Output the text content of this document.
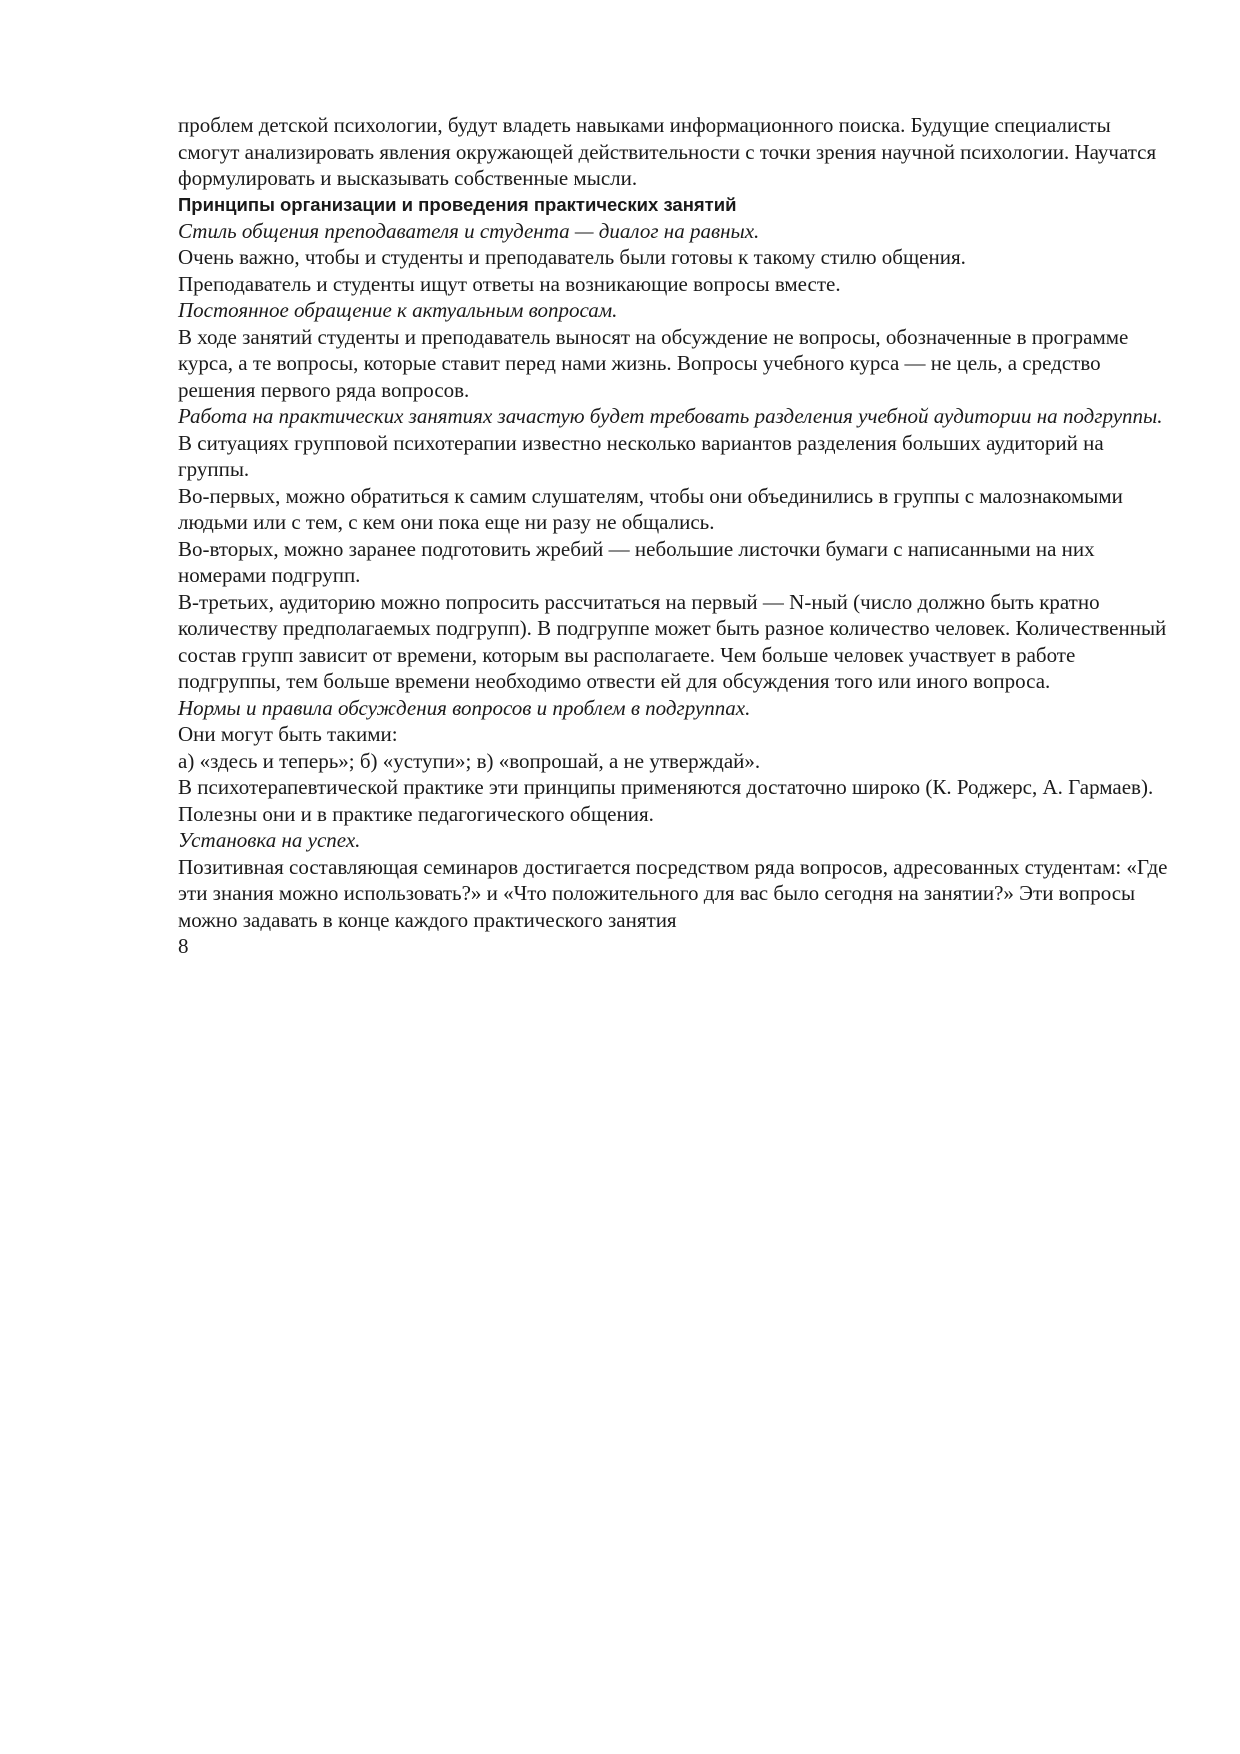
проблем детской психологии, будут владеть навыками информационного поиска. Будущие специалисты смогут анализировать явления окружающей действительности с точки зрения научной психологии. Научатся формулировать и высказывать собственные мысли.

Принципы организации и проведения практических занятий

Стиль общения преподавателя и студента — диалог на равных.

Очень важно, чтобы и студенты и преподаватель были готовы к такому стилю общения.

Преподаватель и студенты ищут ответы на возникающие вопросы вместе.

Постоянное обращение к актуальным вопросам.

В ходе занятий студенты и преподаватель выносят на обсуждение не вопросы, обозначенные в программе курса, а те вопросы, которые ставит перед нами жизнь. Вопросы учебного курса — не цель, а средство решения первого ряда вопросов.

Работа на практических занятиях зачастую будет требовать разделения учебной аудитории на подгруппы.

В ситуациях групповой психотерапии известно несколько вариантов разделения больших аудиторий на группы.

Во-первых, можно обратиться к самим слушателям, чтобы они объединились в группы с малознакомыми людьми или с тем, с кем они пока еще ни разу не общались.

Во-вторых, можно заранее подготовить жребий — небольшие листочки бумаги с написанными на них номерами подгрупп.

В-третьих, аудиторию можно попросить рассчитаться на первый — N-ный (число должно быть кратно количеству предполагаемых подгрупп). В подгруппе может быть разное количество человек. Количественный состав групп зависит от времени, которым вы располагаете. Чем больше человек участвует в работе подгруппы, тем больше времени необходимо отвести ей для обсуждения того или иного вопроса.

Нормы и правила обсуждения вопросов и проблем в подгруппах.

Они могут быть такими:

а) «здесь и теперь»; б) «уступи»; в) «вопрошай, а не утверждай».

В психотерапевтической практике эти принципы применяются достаточно широко (К. Роджерс, А. Гармаев). Полезны они и в практике педагогического общения.

Установка на успех.

Позитивная составляющая семинаров достигается посредством ряда вопросов, адресованных студентам: «Где эти знания можно использовать?» и «Что положительного для вас было сегодня на занятии?» Эти вопросы можно задавать в конце каждого практического занятия

8
